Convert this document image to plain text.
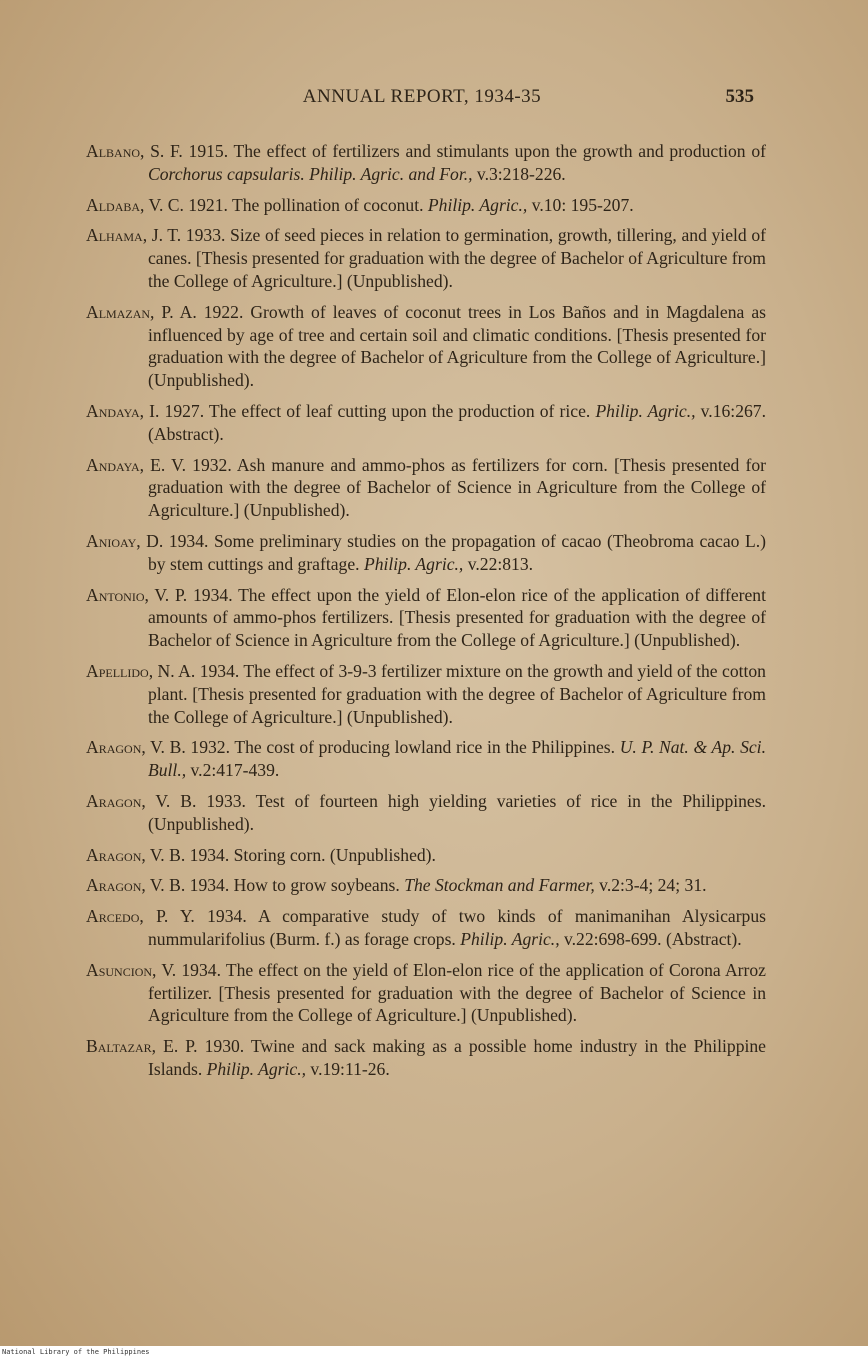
ANNUAL REPORT, 1934-35	535

Albano, S. F. 1915. The effect of fertilizers and stimulants upon the growth and production of Corchorus capsularis. Philip. Agric. and For., v.3:218-226.

Aldaba, V. C. 1921. The pollination of coconut. Philip. Agric., v.10: 195-207.

Alhama, J. T. 1933. Size of seed pieces in relation to germination, growth, tillering, and yield of canes. [Thesis presented for graduation with the degree of Bachelor of Agriculture from the College of Agriculture.] (Unpublished).

Almazan, P. A. 1922. Growth of leaves of coconut trees in Los Baños and in Magdalena as influenced by age of tree and certain soil and climatic conditions. [Thesis presented for graduation with the degree of Bachelor of Agriculture from the College of Agriculture.] (Unpublished).

Andaya, I. 1927. The effect of leaf cutting upon the production of rice. Philip. Agric., v.16:267. (Abstract).

Andaya, E. V. 1932. Ash manure and ammo-phos as fertilizers for corn. [Thesis presented for graduation with the degree of Bachelor of Science in Agriculture from the College of Agriculture.] (Unpublished).

Anioay, D. 1934. Some preliminary studies on the propagation of cacao (Theobroma cacao L.) by stem cuttings and graftage. Philip. Agric., v.22:813.

Antonio, V. P. 1934. The effect upon the yield of Elon-elon rice of the application of different amounts of ammo-phos fertilizers. [Thesis presented for graduation with the degree of Bachelor of Science in Agriculture from the College of Agriculture.] (Unpublished).

Apellido, N. A. 1934. The effect of 3-9-3 fertilizer mixture on the growth and yield of the cotton plant. [Thesis presented for graduation with the degree of Bachelor of Agriculture from the College of Agriculture.] (Unpublished).

Aragon, V. B. 1932. The cost of producing lowland rice in the Philippines. U. P. Nat. & Ap. Sci. Bull., v.2:417-439.

Aragon, V. B. 1933. Test of fourteen high yielding varieties of rice in the Philippines. (Unpublished).

Aragon, V. B. 1934. Storing corn. (Unpublished).

Aragon, V. B. 1934. How to grow soybeans. The Stockman and Farmer, v.2:3-4; 24; 31.

Arcedo, P. Y. 1934. A comparative study of two kinds of manimanihan Alysicarpus nummularifolius (Burm. f.) as forage crops. Philip. Agric., v.22:698-699. (Abstract).

Asuncion, V. 1934. The effect on the yield of Elon-elon rice of the application of Corona Arroz fertilizer. [Thesis presented for graduation with the degree of Bachelor of Science in Agriculture from the College of Agriculture.] (Unpublished).

Baltazar, E. P. 1930. Twine and sack making as a possible home industry in the Philippine Islands. Philip. Agric., v.19:11-26.

National Library of the Philippines
